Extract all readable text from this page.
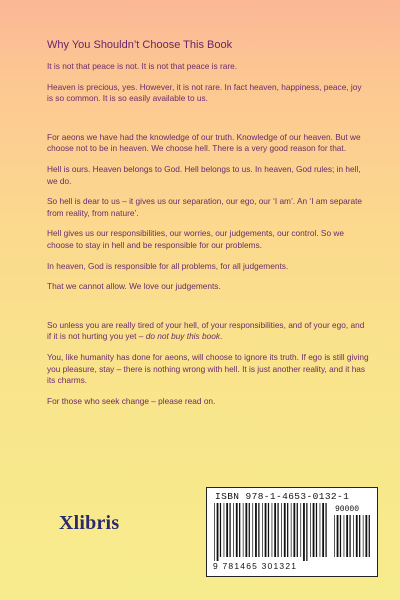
Why You Shouldn’t Choose This Book

It is not that peace is not. It is not that peace is rare.

Heaven is precious, yes. However, it is not rare. In fact heaven, happiness, peace, joy is so common. It is so easily available to us.

For aeons we have had the knowledge of our truth. Knowledge of our heaven. But we choose not to be in heaven. We choose hell. There is a very good reason for that.

Hell is ours. Heaven belongs to God. Hell belongs to us. In heaven, God rules; in hell, we do.

So hell is dear to us – it gives us our separation, our ego, our ‘I am’. An ‘I am separate from reality, from nature’.

Hell gives us our responsibilities, our worries, our judgements, our control. So we choose to stay in hell and be responsible for our problems.

In heaven, God is responsible for all problems, for all judgements.

That we cannot allow. We love our judgements.

So unless you are really tired of your hell, of your responsibilities, and of your ego, and if it is not hurting you yet – do not buy this book.

You, like humanity has done for aeons, will choose to ignore its truth. If ego is still giving you pleasure, stay – there is nothing wrong with hell. It is just another reality, and it has its charms.

For those who seek change – please read on.

Xlibris
ISBN 978-1-4653-0132-1
90000
9 781465 301321
